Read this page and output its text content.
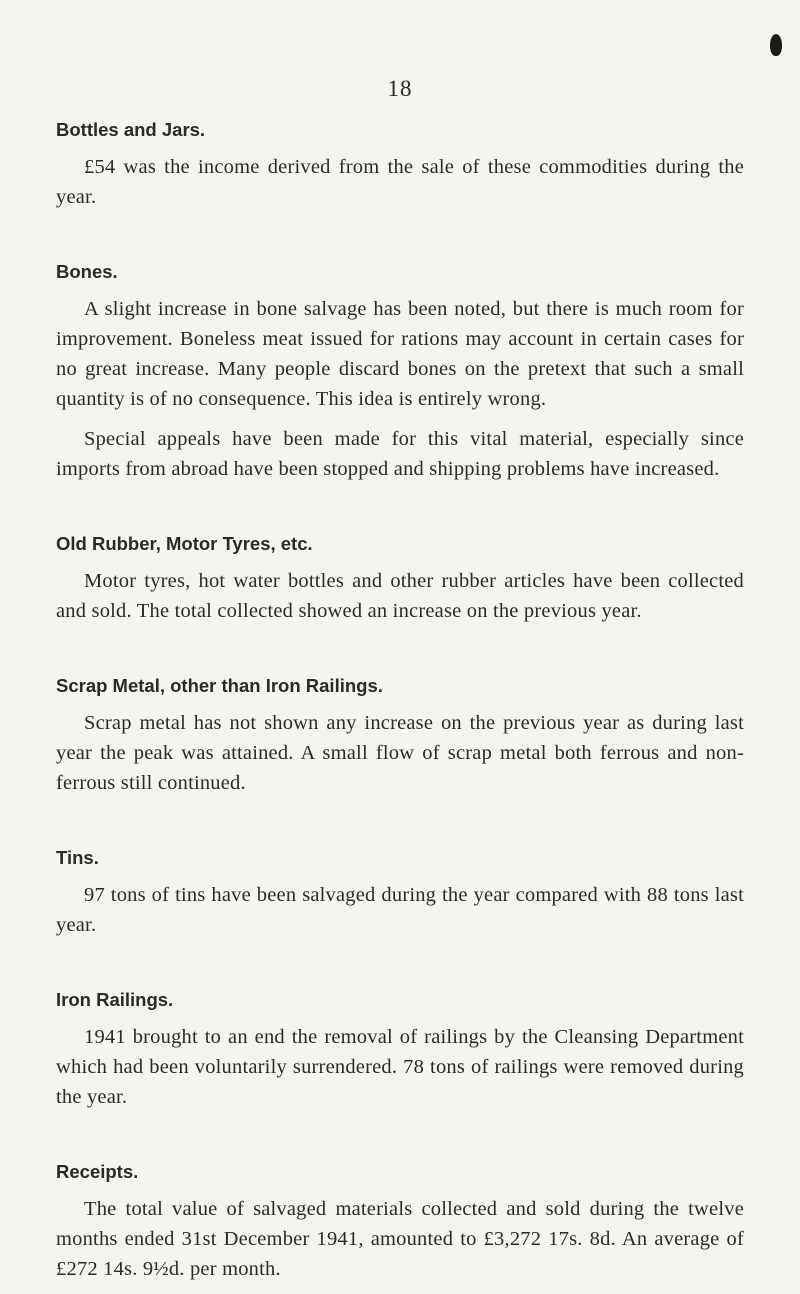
18
Bottles and Jars.

£54 was the income derived from the sale of these commodities during the year.

Bones.

A slight increase in bone salvage has been noted, but there is much room for improvement. Boneless meat issued for rations may account in certain cases for no great increase. Many people discard bones on the pretext that such a small quantity is of no consequence. This idea is entirely wrong.

Special appeals have been made for this vital material, especially since imports from abroad have been stopped and shipping problems have increased.

Old Rubber, Motor Tyres, etc.

Motor tyres, hot water bottles and other rubber articles have been collected and sold. The total collected showed an increase on the previous year.

Scrap Metal, other than Iron Railings.

Scrap metal has not shown any increase on the previous year as during last year the peak was attained. A small flow of scrap metal both ferrous and non-ferrous still continued.

Tins.

97 tons of tins have been salvaged during the year compared with 88 tons last year.

Iron Railings.

1941 brought to an end the removal of railings by the Cleansing Department which had been voluntarily surrendered. 78 tons of railings were removed during the year.

Receipts.

The total value of salvaged materials collected and sold during the twelve months ended 31st December 1941, amounted to £3,272 17s. 8d. An average of £272 14s. 9½d. per month.
